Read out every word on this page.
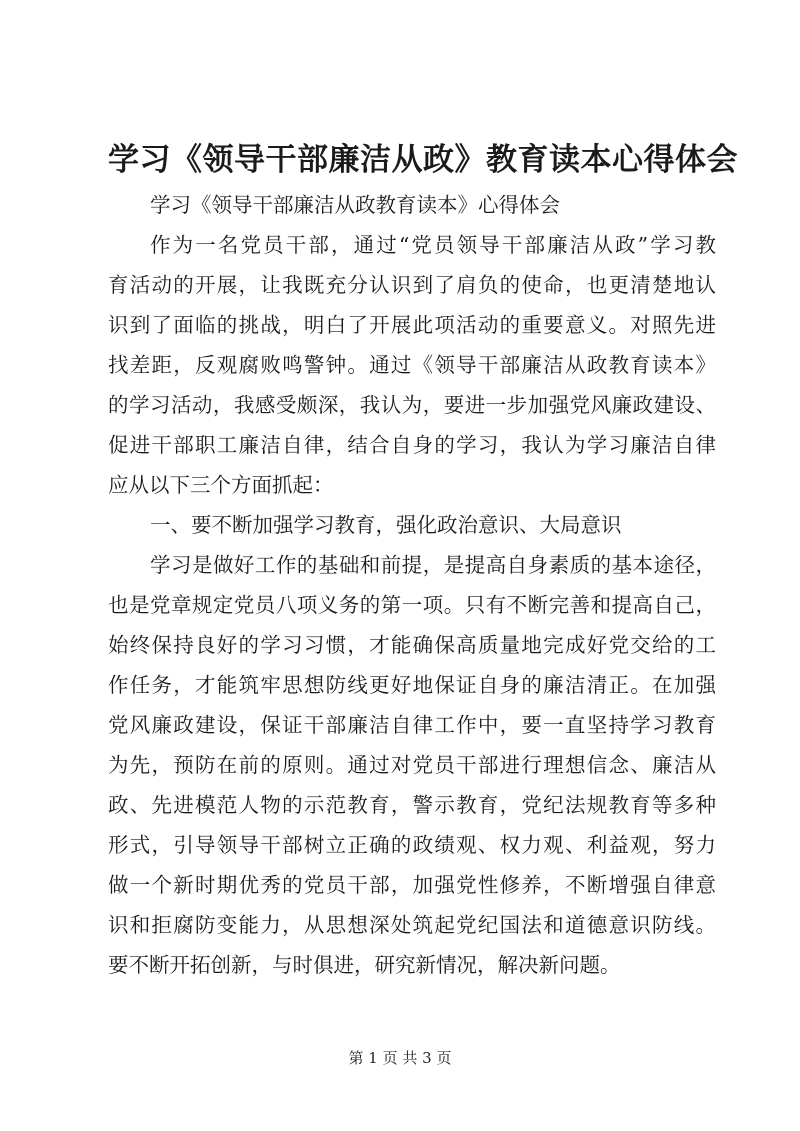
学习《领导干部廉洁从政》教育读本心得体会
学习《领导干部廉洁从政教育读本》心得体会
作为一名党员干部，通过“党员领导干部廉洁从政”学习教
育活动的开展，让我既充分认识到了肩负的使命，也更清楚地认
识到了面临的挑战，明白了开展此项活动的重要意义。对照先进
找差距，反观腐败鸣警钟。通过《领导干部廉洁从政教育读本》
的学习活动，我感受颇深，我认为，要进一步加强党风廉政建设、
促进干部职工廉洁自律，结合自身的学习，我认为学习廉洁自律
应从以下三个方面抓起：
一、要不断加强学习教育，强化政治意识、大局意识
学习是做好工作的基础和前提，是提高自身素质的基本途径，
也是党章规定党员八项义务的第一项。只有不断完善和提高自己，
始终保持良好的学习习惯，才能确保高质量地完成好党交给的工
作任务，才能筑牢思想防线更好地保证自身的廉洁清正。在加强
党风廉政建设，保证干部廉洁自律工作中，要一直坚持学习教育
为先，预防在前的原则。通过对党员干部进行理想信念、廉洁从
政、先进模范人物的示范教育，警示教育，党纪法规教育等多种
形式，引导领导干部树立正确的政绩观、权力观、利益观，努力
做一个新时期优秀的党员干部，加强党性修养，不断增强自律意
识和拒腐防变能力，从思想深处筑起党纪国法和道德意识防线。
要不断开拓创新，与时俱进，研究新情况，解决新问题。
第 1 页 共 3 页
